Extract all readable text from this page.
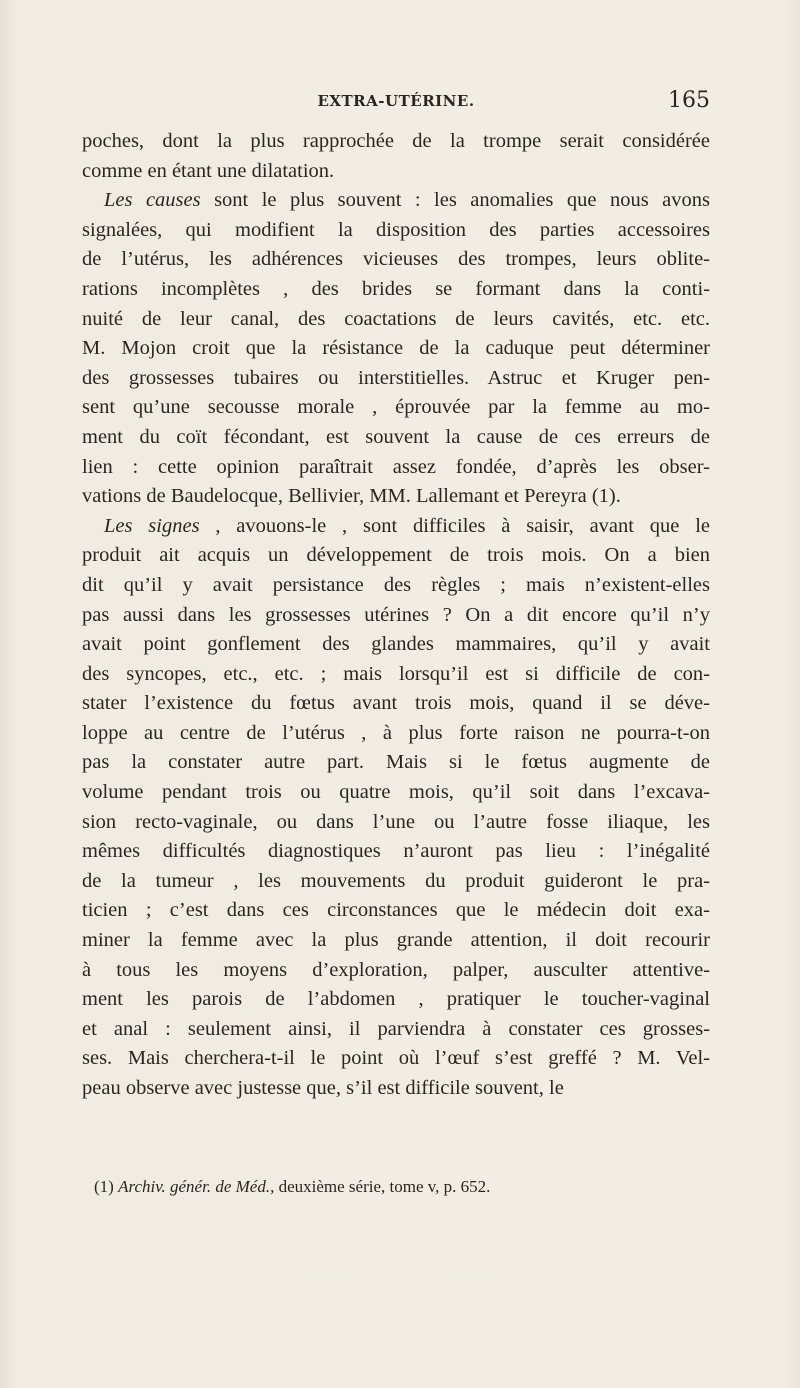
EXTRA-UTÉRINE.	165
poches, dont la plus rapprochée de la trompe serait considérée
comme en étant une dilatation.
Les causes sont le plus souvent : les anomalies que nous avons
signalées, qui modifient la disposition des parties accessoires
de l’utérus, les adhérences vicieuses des trompes, leurs oblite-
rations incomplètes , des brides se formant dans la conti-
nuité de leur canal, des coactations de leurs cavités, etc. etc.
M. Mojon croit que la résistance de la caduque peut déterminer
des grossesses tubaires ou interstitielles. Astruc et Kruger pen-
sent qu’une secousse morale , éprouvée par la femme au mo-
ment du coït fécondant, est souvent la cause de ces erreurs de
lien : cette opinion paraîtrait assez fondée, d’après les obser-
vations de Baudelocque, Bellivier, MM. Lallemant et Pereyra (1).
Les signes , avouons-le , sont difficiles à saisir, avant que le
produit ait acquis un développement de trois mois. On a bien
dit qu’il y avait persistance des règles ; mais n’existent-elles
pas aussi dans les grossesses utérines ? On a dit encore qu’il n’y
avait point gonflement des glandes mammaires, qu’il y avait
des syncopes, etc., etc. ; mais lorsqu’il est si difficile de con-
stater l’existence du fœtus avant trois mois, quand il se déve-
loppe au centre de l’utérus , à plus forte raison ne pourra-t-on
pas la constater autre part. Mais si le fœtus augmente de
volume pendant trois ou quatre mois, qu’il soit dans l’excava-
sion recto-vaginale, ou dans l’une ou l’autre fosse iliaque, les
mêmes difficultés diagnostiques n’auront pas lieu : l’inégalité
de la tumeur , les mouvements du produit guideront le pra-
ticien ; c’est dans ces circonstances que le médecin doit exa-
miner la femme avec la plus grande attention, il doit recourir
à tous les moyens d’exploration, palper, ausculter attentive-
ment les parois de l’abdomen , pratiquer le toucher-vaginal
et anal : seulement ainsi, il parviendra à constater ces grosses-
ses. Mais cherchera-t-il le point où l’œuf s’est greffé ? M. Vel-
peau observe avec justesse que, s’il est difficile souvent, le
(1) Archiv. génér. de Méd., deuxième série, tome v, p. 652.
